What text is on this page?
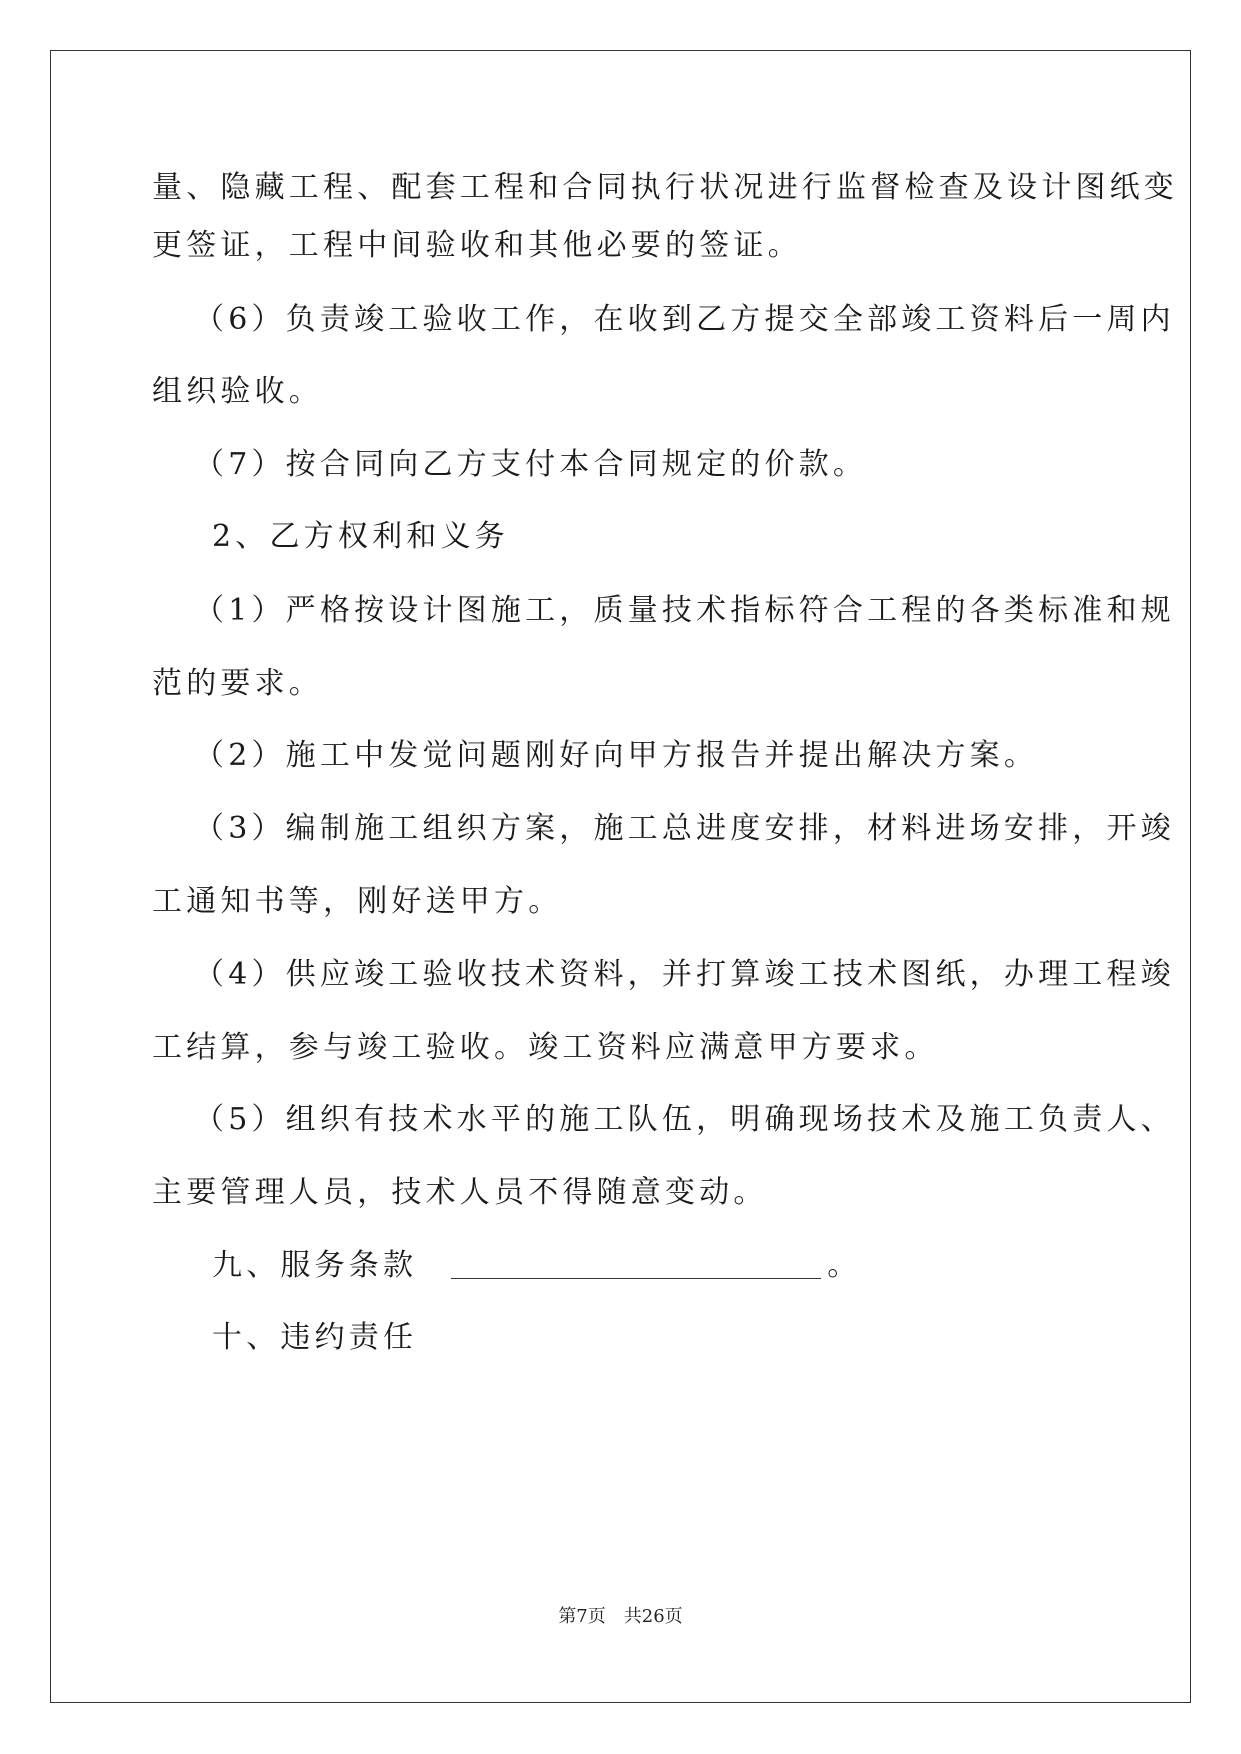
量、隐藏工程、配套工程和合同执行状况进行监督检查及设计图纸变
更签证，工程中间验收和其他必要的签证。
（6）负责竣工验收工作，在收到乙方提交全部竣工资料后一周内
组织验收。
（7）按合同向乙方支付本合同规定的价款。
2、乙方权利和义务
（1）严格按设计图施工，质量技术指标符合工程的各类标准和规
范的要求。
（2）施工中发觉问题刚好向甲方报告并提出解决方案。
（3）编制施工组织方案，施工总进度安排，材料进场安排，开竣
工通知书等，刚好送甲方。
（4）供应竣工验收技术资料，并打算竣工技术图纸，办理工程竣
工结算，参与竣工验收。竣工资料应满意甲方要求。
（5）组织有技术水平的施工队伍，明确现场技术及施工负责人、
主要管理人员，技术人员不得随意变动。
九、服务条款	。
十、违约责任
第7页 共26页
